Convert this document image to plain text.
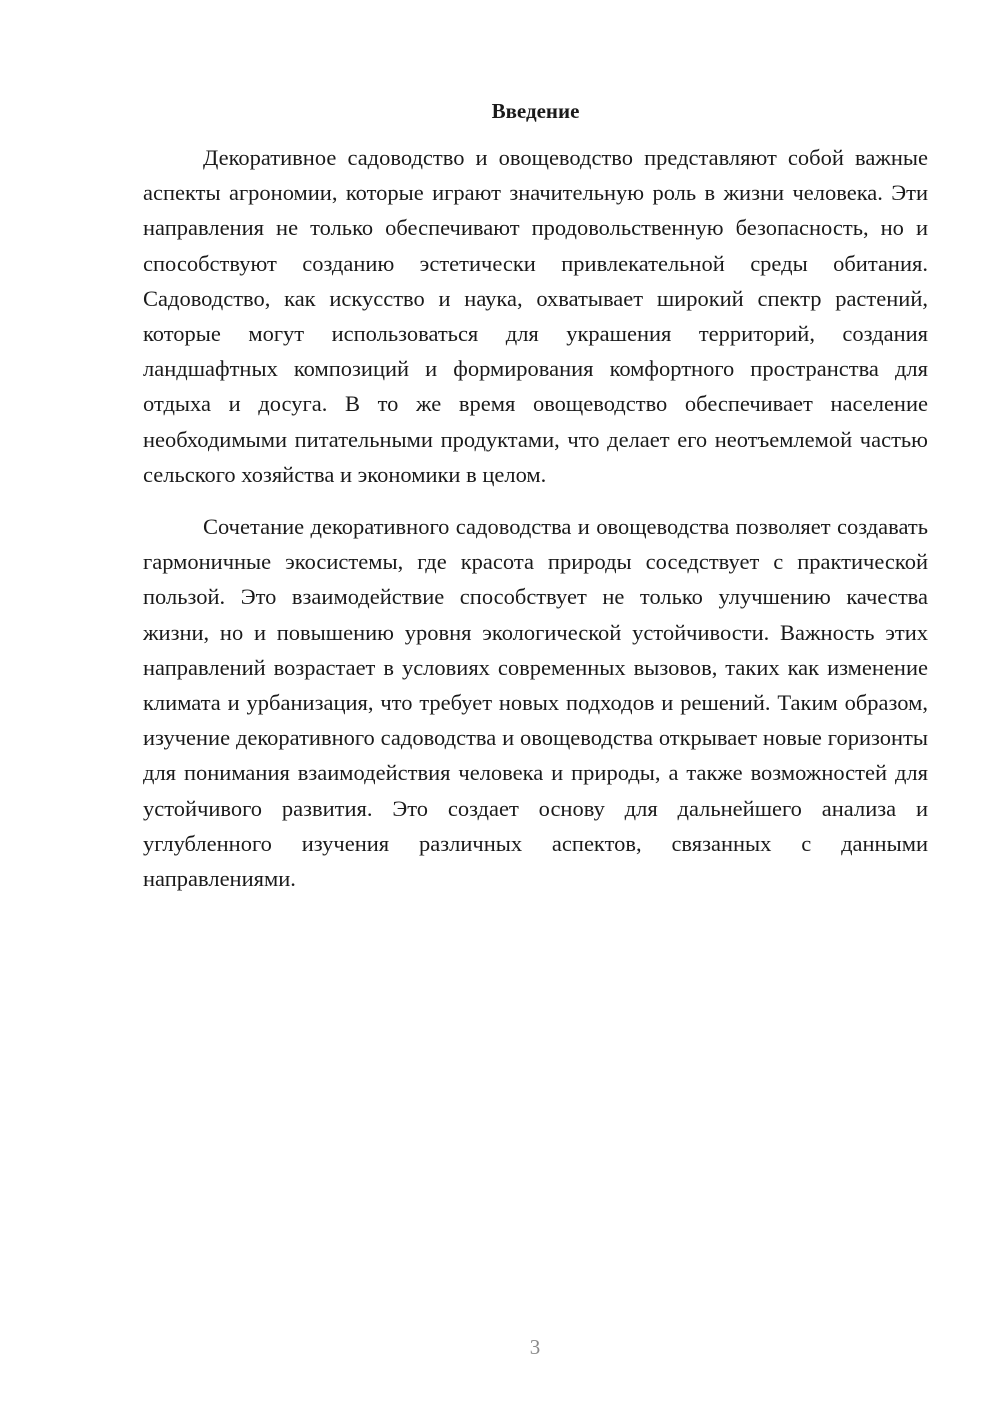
Введение

Декоративное садоводство и овощеводство представляют собой важные аспекты агрономии, которые играют значительную роль в жизни человека. Эти направления не только обеспечивают продовольственную безопасность, но и способствуют созданию эстетически привлекательной среды обитания. Садоводство, как искусство и наука, охватывает широкий спектр растений, которые могут использоваться для украшения территорий, создания ландшафтных композиций и формирования комфортного пространства для отдыха и досуга. В то же время овощеводство обеспечивает население необходимыми питательными продуктами, что делает его неотъемлемой частью сельского хозяйства и экономики в целом.

Сочетание декоративного садоводства и овощеводства позволяет создавать гармоничные экосистемы, где красота природы соседствует с практической пользой. Это взаимодействие способствует не только улучшению качества жизни, но и повышению уровня экологической устойчивости. Важность этих направлений возрастает в условиях современных вызовов, таких как изменение климата и урбанизация, что требует новых подходов и решений. Таким образом, изучение декоративного садоводства и овощеводства открывает новые горизонты для понимания взаимодействия человека и природы, а также возможностей для устойчивого развития. Это создает основу для дальнейшего анализа и углубленного изучения различных аспектов, связанных с данными направлениями.

3
